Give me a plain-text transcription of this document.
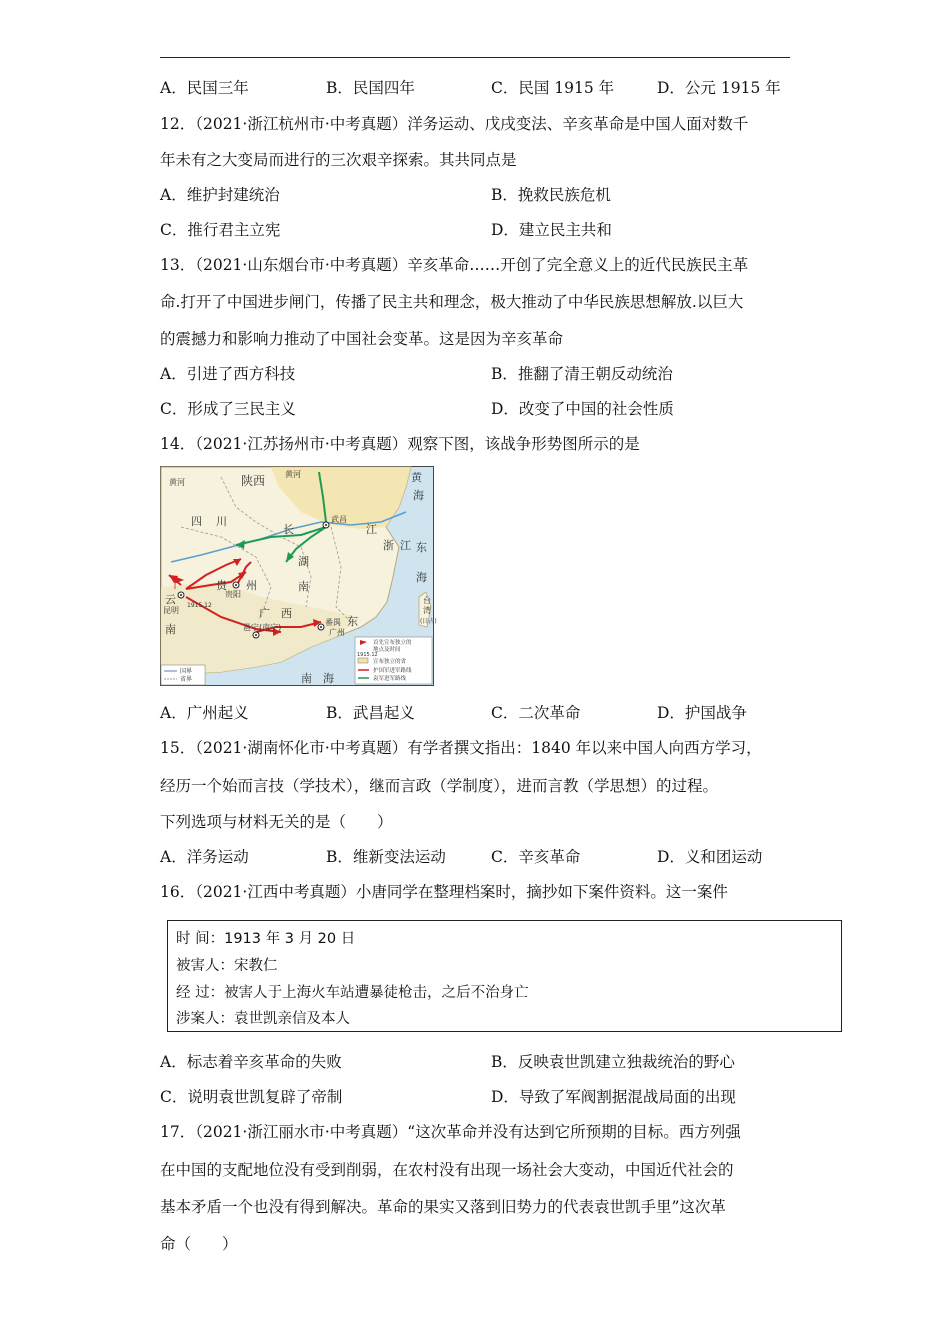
A．民国三年	B．民国四年	C．民国 1915 年	D．公元 1915 年
12．（2021·浙江杭州市·中考真题）洋务运动、戊戌变法、辛亥革命是中国人面对数千
年未有之大变局而进行的三次艰辛探索。其共同点是
A．维护封建统治	B．挽救民族危机
C．推行君主立宪	D．建立民主共和
13．（2021·山东烟台市·中考真题）辛亥革命……开创了完全意义上的近代民族民主革
命.打开了中国进步闸门，传播了民主共和理念，极大推动了中华民族思想解放.以巨大
的震撼力和影响力推动了中国社会变革。这是因为辛亥革命
A．引进了西方科技	B．推翻了清王朝反动统治
C．形成了三民主义	D．改变了中国的社会性质
14．（2021·江苏扬州市·中考真题）观察下图，该战争形势图所示的是
黄河
黄河
陕西
四川
长	江
武昌
浙江
湖
南
黄
海
东
海
贵 州
贵阳
云
昆明
南
1915.12
广 西
邕宁(南宁)
番禺 东
广州
台
湾
(日占)
南　海
国界
省界
首先宣布独立的
地点及时间
1915.12
宣布独立的省
护国军进军路线
袁军进军路线
A．广州起义	B．武昌起义	C．二次革命	D．护国战争
15．（2021·湖南怀化市·中考真题）有学者撰文指出：1840 年以来中国人向西方学习，
经历一个始而言技（学技术），继而言政（学制度），进而言教（学思想）的过程。
下列选项与材料无关的是（　　）
A．洋务运动	B．维新变法运动	C．辛亥革命	D．义和团运动
16．（2021·江西中考真题）小唐同学在整理档案时，摘抄如下案件资料。这一案件
时 间：1913 年 3 月 20 日
被害人：宋教仁
经 过：被害人于上海火车站遭暴徒枪击，之后不治身亡
涉案人：袁世凯亲信及本人
A．标志着辛亥革命的失败	B．反映袁世凯建立独裁统治的野心
C．说明袁世凯复辟了帝制	D．导致了军阀割据混战局面的出现
17．（2021·浙江丽水市·中考真题）“这次革命并没有达到它所预期的目标。西方列强
在中国的支配地位没有受到削弱，在农村没有出现一场社会大变动，中国近代社会的
基本矛盾一个也没有得到解决。革命的果实又落到旧势力的代表袁世凯手里”这次革
命（　　）
